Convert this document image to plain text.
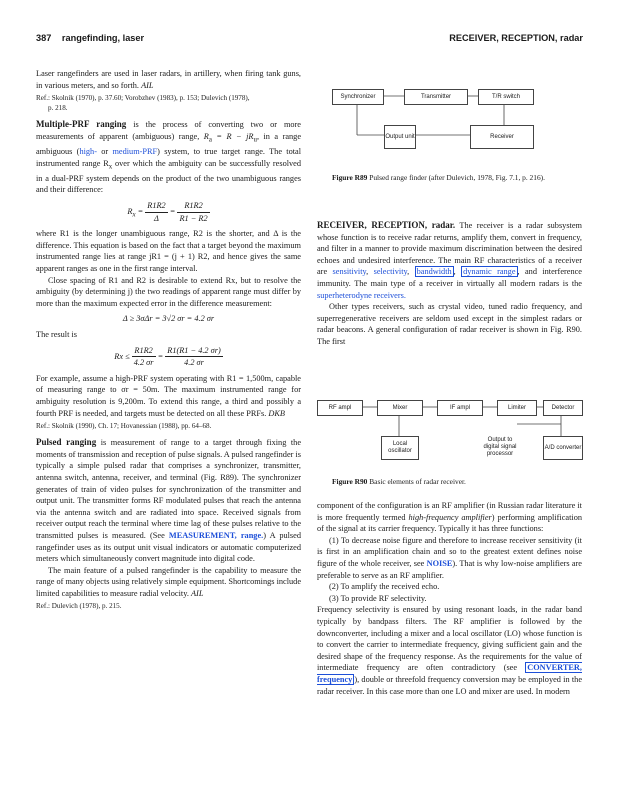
387 rangefinding, laser	RECEIVER, RECEPTION, radar

Laser rangefinders are used in laser radars, in artillery, when firing tank guns, in various meters, and so forth. AIL

Ref.: Skolnik (1970), p. 37.60; Vorobzhev (1983), p. 153; Dulevich (1978),
p. 218.

Multiple-PRF ranging is the process of converting two or more measurements of apparent (ambiguous) range, $R_a = R - jR_u$, in a range ambiguous (high- or medium-PRF) system, to true target range. The total instrumented range $R_x$ over which the ambiguity can be successfully resolved in a dual-PRF system depends on the product of the two unambiguous ranges and their difference:

$R_x = \frac{R1R2}{\Delta} = \frac{R1R2}{R1 - R2}$

where R1 is the longer unambiguous range, R2 is the shorter, and Δ is the difference. This equation is based on the fact that a target beyond the maximum instrumented range lies at range jR1 = (j + 1) R2, and hence gives the same apparent ranges as one in the first range interval.

Close spacing of R1 and R2 is desirable to extend Rx, but to resolve the ambiguity (by determining j) the two readings of apparent range must differ by more than the maximum expected error in the difference measurement:

Δ ≥ 3σΔr = 3√2 σr = 4.2 σr

The result is

$Rx \le \frac{R1R2}{4.2 \sigma r} = \frac{R1(R1 - 4.2 \sigma r)}{4.2 \sigma r}$

For example, assume a high-PRF system operating with R1 = 1,500m, capable of measuring range to σr = 50m. The maximum instrumented range for ambiguity resolution is 9,200m. To extend this range, a third and possibly a fourth PRF is needed, and targets must be detected on all these PRFs. DKB

Ref.: Skolnik (1990), Ch. 17; Hovanessian (1988), pp. 64–68.

Pulsed ranging is measurement of range to a target through fixing the moments of transmission and reception of pulse signals. A pulsed rangefinder is typically a simple pulsed radar that comprises a synchronizer, transmitter, antenna switch, antenna, receiver, and terminal (Fig. R89). The synchronizer generates of train of video pulses for synchronization of the transmitter and output unit. The transmitter forms RF modulated pulses that reach the antenna via the antenna switch and are radiated into space. Received signals from receiver output reach the terminal where time lag of these pulses relative to the transmitted pulses is measured. (See MEASUREMENT, range.) A pulsed rangefinder uses as its output unit visual indicators or automatic computerized meters which simultaneously convert magnitude into digital code.

The main feature of a pulsed rangefinder is the capability to measure the range of many objects using relatively simple equipment. Shortcomings include limited capabilities to measure radial velocity. AIL

Ref.: Dulevich (1978), p. 215.

Synchronizer	Transmitter	T/R switch
Output unit	Receiver
Figure R89 Pulsed range finder (after Dulevich, 1978, Fig. 7.1, p. 216).

RECEIVER, RECEPTION, radar. The receiver is a radar subsystem whose function is to receive radar returns, amplify them, convert in frequency, and filter in a manner to provide maximum discrimination between the desired echoes and undesired interference. The main RF characteristics of a receiver are sensitivity, selectivity, bandwidth , dynamic range , and interference immunity. The main type of a receiver in virtually all modern radars is the superheterodyne receivers.

Other types receivers, such as crystal video, tuned radio frequency, and superregenerative receivers are seldom used except in the simplest radars or radar beacons. A general configuration of radar receiver is shown in Fig. R90. The first

RF ampl	Mixer	IF ampl	Limiter	Detector
Local oscillator
Output to digital signal processor
A/D converter
Figure R90 Basic elements of radar receiver.

component of the configuration is an RF amplifier (in Russian radar literature it is more frequently termed high-frequency amplifier) performing amplification of the signal at its carrier frequency. Typically it has three functions:

(1) To decrease noise figure and therefore to increase receiver sensitivity (it is first in an amplification chain and so to the greatest extent defines noise figure of the whole receiver, see NOISE). That is why low-noise amplifiers are preferable to serve as an RF amplifier.

(2) To amplify the received echo.

(3) To provide RF selectivity.

Frequency selectivity is ensured by using resonant loads, in the radar band typically by bandpass filters. The RF amplifier is followed by the downconverter, including a mixer and a local oscillator (LO) whose function is to convert the carrier to intermediate frequency, giving sufficient gain and the desired shape of the frequency response. As the requirements for the value of intermediate frequency are often contradictory (see CONVERTER, frequency ), double or threefold frequency conversion may be employed in the radar receiver. In this case more than one LO and mixer are used. In modern
